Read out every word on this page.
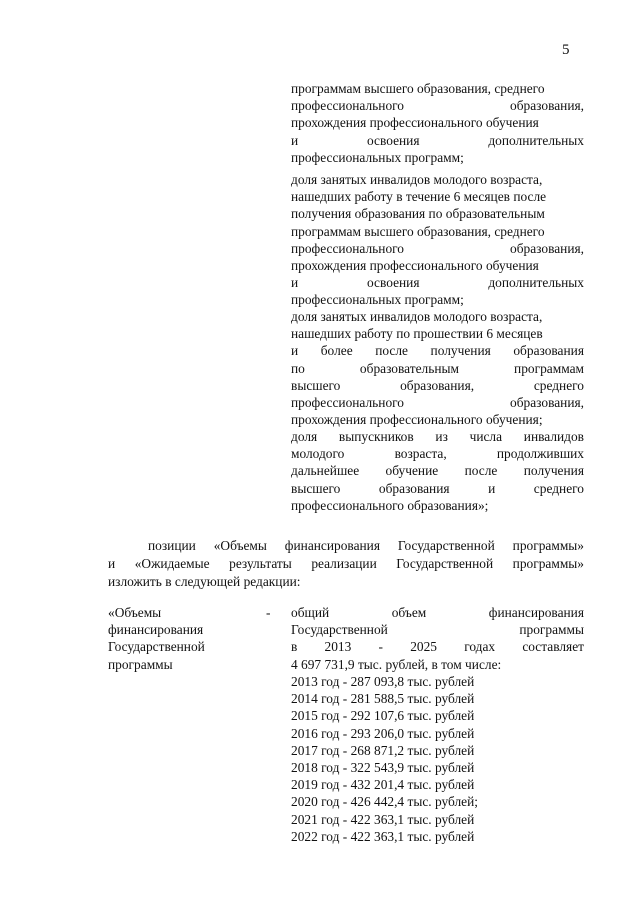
5
программам высшего образования, среднего
профессионального образования,
прохождения профессионального обучения
и освоения дополнительных
профессиональных программ;
доля занятых инвалидов молодого возраста,
нашедших работу в течение 6 месяцев после
получения образования по образовательным
программам высшего образования, среднего
профессионального образования,
прохождения профессионального обучения
и освоения дополнительных
профессиональных программ;
доля занятых инвалидов молодого возраста,
нашедших работу по прошествии 6 месяцев
и более после получения образования
по образовательным программам
высшего образования, среднего
профессионального образования,
прохождения профессионального обучения;
доля выпускников из числа инвалидов
молодого возраста, продолживших
дальнейшее обучение после получения
высшего образования и среднего
профессионального образования»;
позиции «Объемы финансирования Государственной программы»
и «Ожидаемые результаты реализации Государственной программы»
изложить в следующей редакции:
«Объемы
финансирования
Государственной
программы
- общий объем финансирования
Государственной программы
в 2013 - 2025 годах составляет
4 697 731,9 тыс. рублей, в том числе:
2013 год - 287 093,8 тыс. рублей
2014 год - 281 588,5 тыс. рублей
2015 год - 292 107,6 тыс. рублей
2016 год - 293 206,0 тыс. рублей
2017 год - 268 871,2 тыс. рублей
2018 год - 322 543,9 тыс. рублей
2019 год - 432 201,4 тыс. рублей
2020 год - 426 442,4 тыс. рублей;
2021 год - 422 363,1 тыс. рублей
2022 год - 422 363,1 тыс. рублей
